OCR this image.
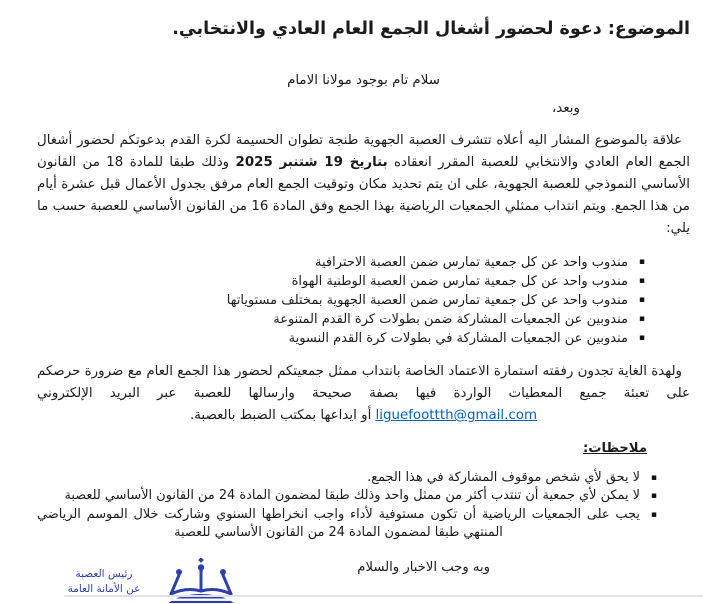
الموضوع: دعوة لحضور أشغال الجمع العام العادي والانتخابي.

سلام تام بوجود مولانا الامام

وبعد،

علاقة بالموضوع المشار اليه أعلاه تتشرف العصبة الجهوية طنجة تطوان الحسيمة لكرة القدم بدعوتكم لحضور أشغال الجمع العام العادي والانتخابي للعصبة المقرر انعقاده بتاريخ 19 شتنبر 2025 وذلك طبقا للمادة 18 من القانون الأساسي النموذجي للعصبة الجهوية، على ان يتم تحديد مكان وتوقيت الجمع العام مرفق بجدول الأعمال قبل عشرة أيام من هذا الجمع. ويتم انتداب ممثلي الجمعيات الرياضية بهذا الجمع وفق المادة 16 من القانون الأساسي للعصبة حسب ما يلي:

▪
مندوب واحد عن كل جمعية تمارس ضمن العصبة الاحترافية
▪
مندوب واحد عن كل جمعية تمارس ضمن العصبة الوطنية الهواة
▪
مندوب واحد عن كل جمعية تمارس ضمن العصبة الجهوية بمختلف مستوياتها
▪
مندوبين عن الجمعيات المشاركة ضمن بطولات كرة القدم المتنوعة
▪
مندوبين عن الجمعيات المشاركة في بطولات كرة القدم النسوية

ولهدة الغاية تجدون رفقته استمارة الاعتماد الخاصة بانتداب ممثل جمعيتكم لحضور هذا الجمع العام مع ضرورة حرصكم على تعبئة جميع المعطيات الواردة فيها بصفة صحيحة وارسالها للعصبة عبر البريد الإلكتروني liguefoottth@gmail.com أو ايداعها بمكتب الضبط بالعصبة.

ملاحظات:

▪
لا يحق لأي شخص موقوف المشاركة في هذا الجمع.
▪
لا يمكن لأي جمعية أن تنتدب أكثر من ممثل واحد وذلك طبقا لمضمون المادة 24 من القانون الأساسي للعصبة
▪
يجب على الجمعيات الرياضية أن تكون مستوفية لأداء واجب انخراطها السنوي وشاركت خلال الموسم الرياضي المنتهي طبقا لمضمون المادة 24 من القانون الأساسي للعصبة

وبه وجب الاخبار والسلام

رئيس العصبة
عن الأمانة العامة
